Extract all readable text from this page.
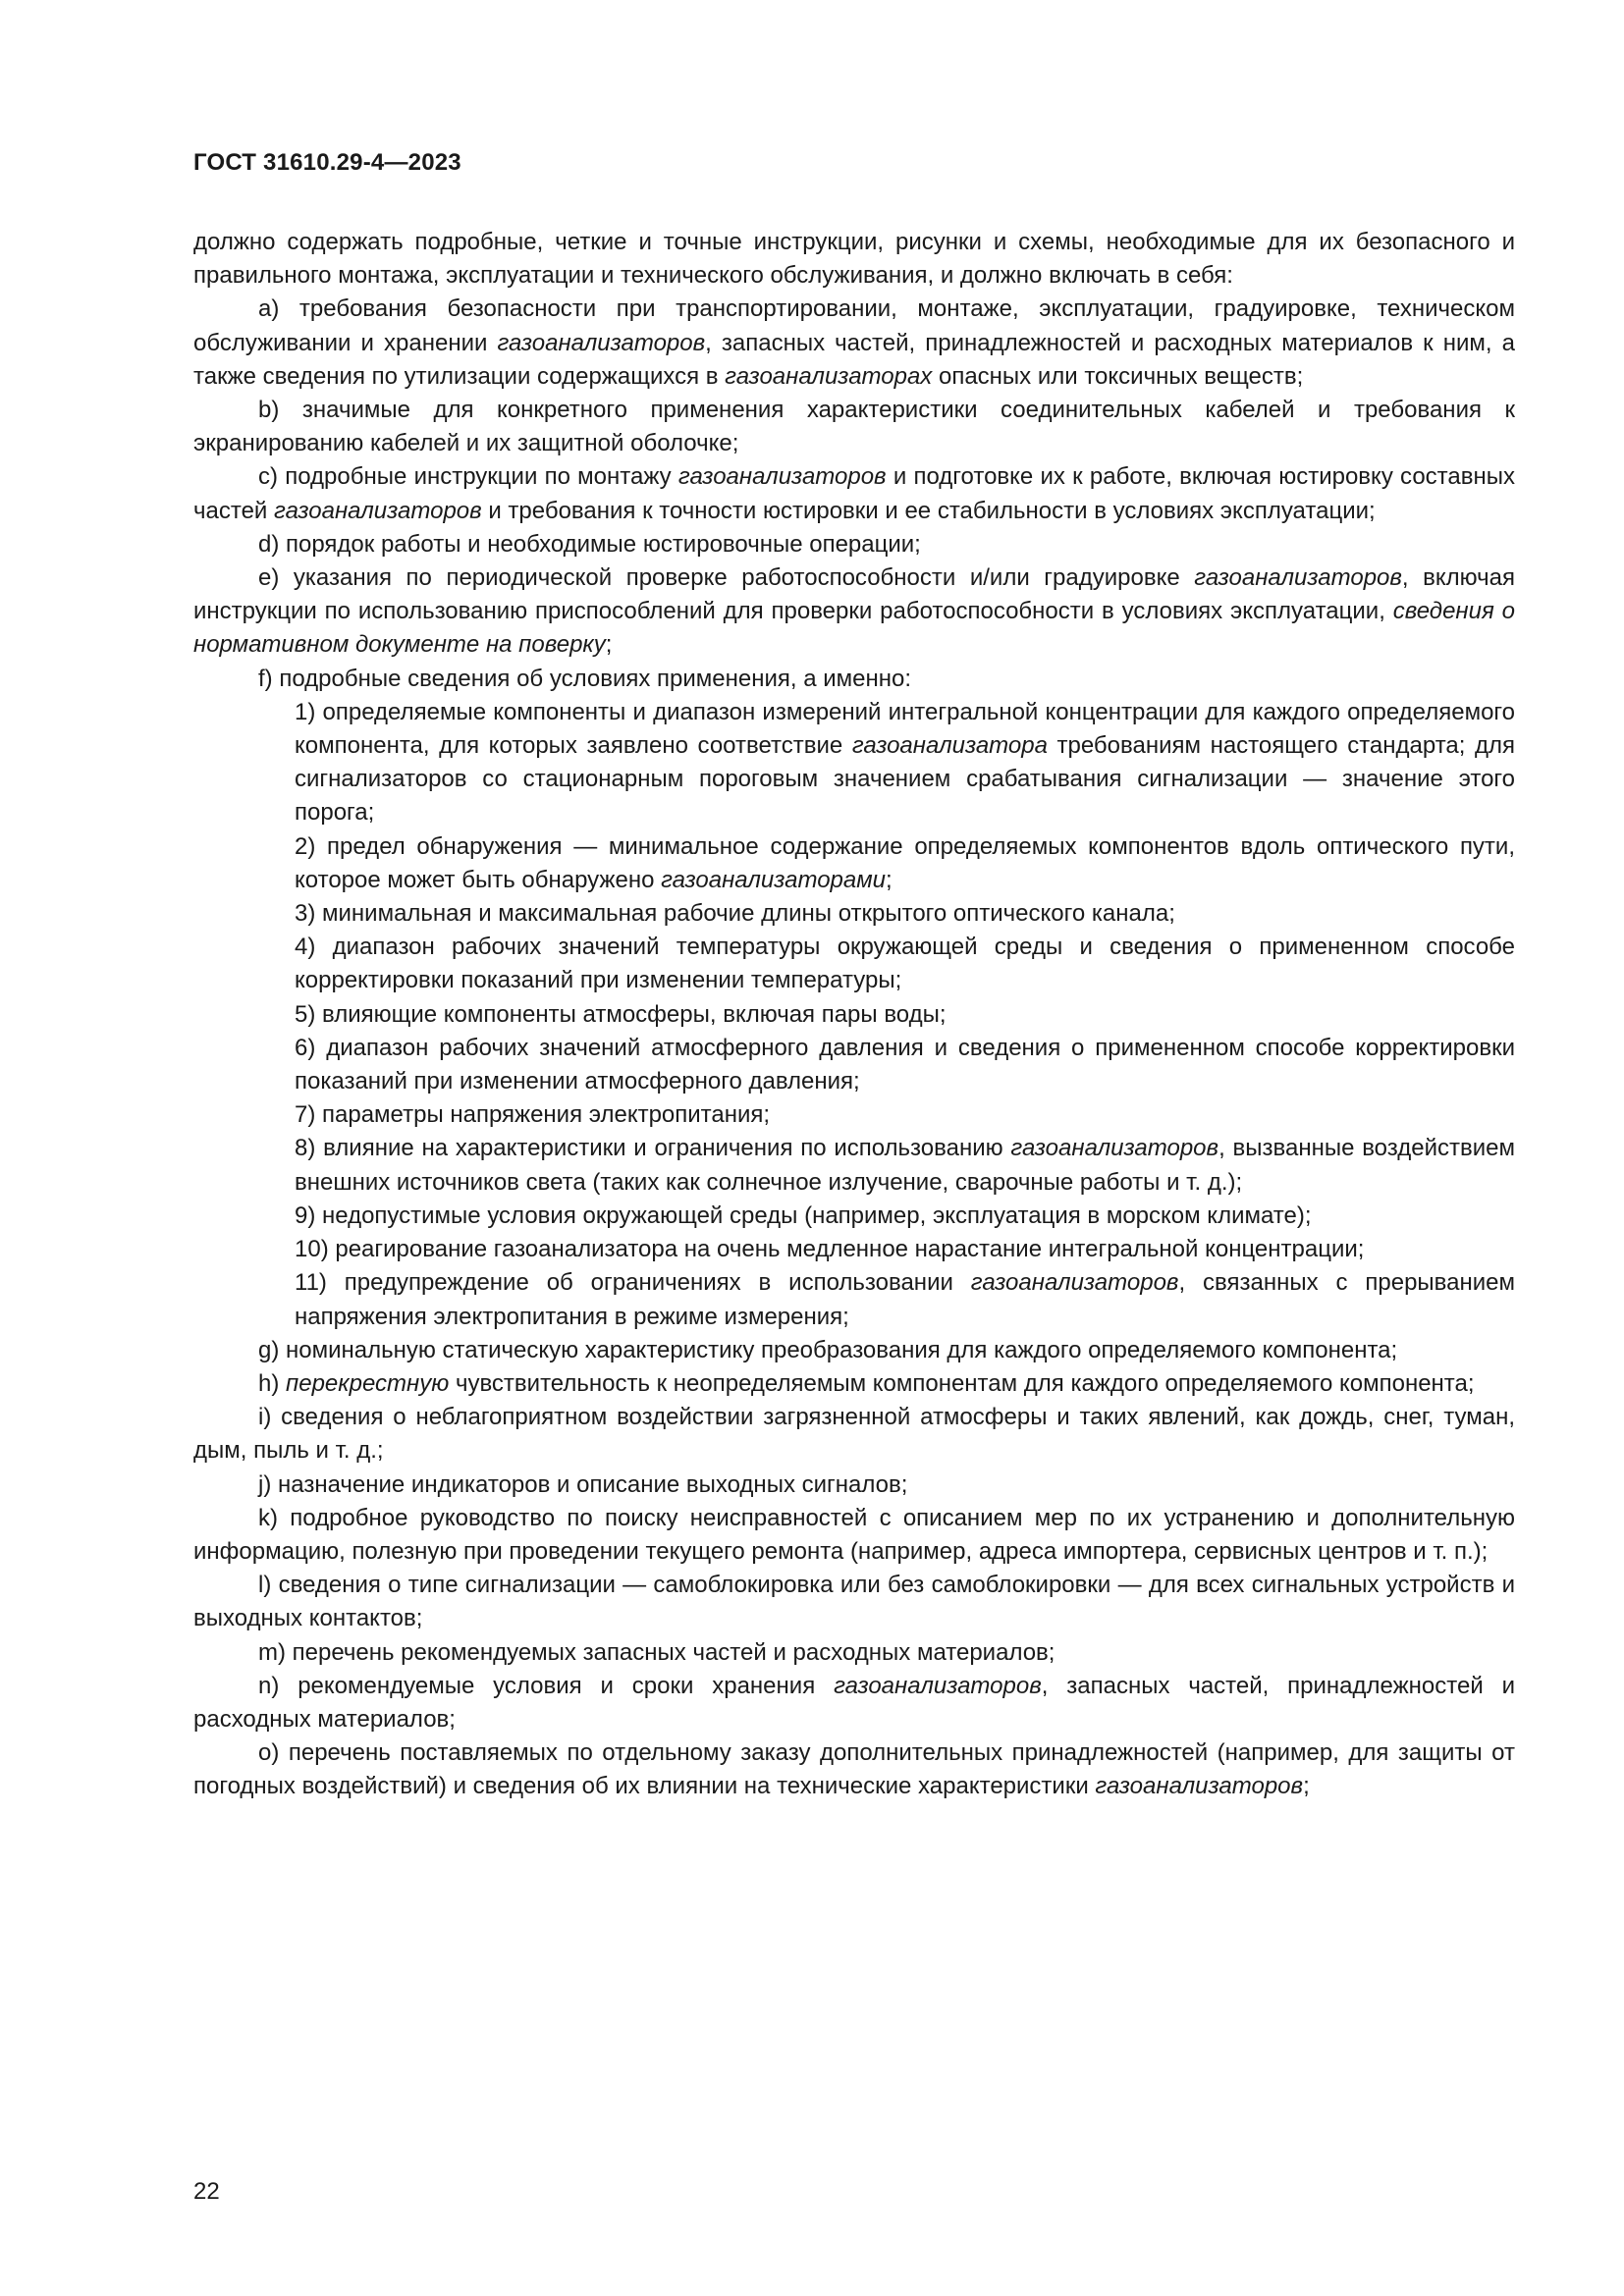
ГОСТ 31610.29-4—2023

должно содержать подробные, четкие и точные инструкции, рисунки и схемы, необходимые для их безопасного и правильного монтажа, эксплуатации и технического обслуживания, и должно включать в себя:

a) требования безопасности при транспортировании, монтаже, эксплуатации, градуировке, техническом обслуживании и хранении газоанализаторов, запасных частей, принадлежностей и расходных материалов к ним, а также сведения по утилизации содержащихся в газоанализаторах опасных или токсичных веществ;

b) значимые для конкретного применения характеристики соединительных кабелей и требования к экранированию кабелей и их защитной оболочке;

c) подробные инструкции по монтажу газоанализаторов и подготовке их к работе, включая юстировку составных частей газоанализаторов и требования к точности юстировки и ее стабильности в условиях эксплуатации;

d) порядок работы и необходимые юстировочные операции;

e) указания по периодической проверке работоспособности и/или градуировке газоанализаторов, включая инструкции по использованию приспособлений для проверки работоспособности в условиях эксплуатации, сведения о нормативном документе на поверку;

f) подробные сведения об условиях применения, а именно:

1) определяемые компоненты и диапазон измерений интегральной концентрации для каждого определяемого компонента, для которых заявлено соответствие газоанализатора требованиям настоящего стандарта; для сигнализаторов со стационарным пороговым значением срабатывания сигнализации — значение этого порога;

2) предел обнаружения — минимальное содержание определяемых компонентов вдоль оптического пути, которое может быть обнаружено газоанализаторами;

3) минимальная и максимальная рабочие длины открытого оптического канала;

4) диапазон рабочих значений температуры окружающей среды и сведения о примененном способе корректировки показаний при изменении температуры;

5) влияющие компоненты атмосферы, включая пары воды;

6) диапазон рабочих значений атмосферного давления и сведения о примененном способе корректировки показаний при изменении атмосферного давления;

7) параметры напряжения электропитания;

8) влияние на характеристики и ограничения по использованию газоанализаторов, вызванные воздействием внешних источников света (таких как солнечное излучение, сварочные работы и т. д.);

9) недопустимые условия окружающей среды (например, эксплуатация в морском климате);

10) реагирование газоанализатора на очень медленное нарастание интегральной концентрации;

11) предупреждение об ограничениях в использовании газоанализаторов, связанных с прерыванием напряжения электропитания в режиме измерения;

g) номинальную статическую характеристику преобразования для каждого определяемого компонента;

h) перекрестную чувствительность к неопределяемым компонентам для каждого определяемого компонента;

i) сведения о неблагоприятном воздействии загрязненной атмосферы и таких явлений, как дождь, снег, туман, дым, пыль и т. д.;

j) назначение индикаторов и описание выходных сигналов;

k) подробное руководство по поиску неисправностей с описанием мер по их устранению и дополнительную информацию, полезную при проведении текущего ремонта (например, адреса импортера, сервисных центров и т. п.);

l) сведения о типе сигнализации — самоблокировка или без самоблокировки — для всех сигнальных устройств и выходных контактов;

m) перечень рекомендуемых запасных частей и расходных материалов;

n) рекомендуемые условия и сроки хранения газоанализаторов, запасных частей, принадлежностей и расходных материалов;

o) перечень поставляемых по отдельному заказу дополнительных принадлежностей (например, для защиты от погодных воздействий) и сведения об их влиянии на технические характеристики газоанализаторов;

22
